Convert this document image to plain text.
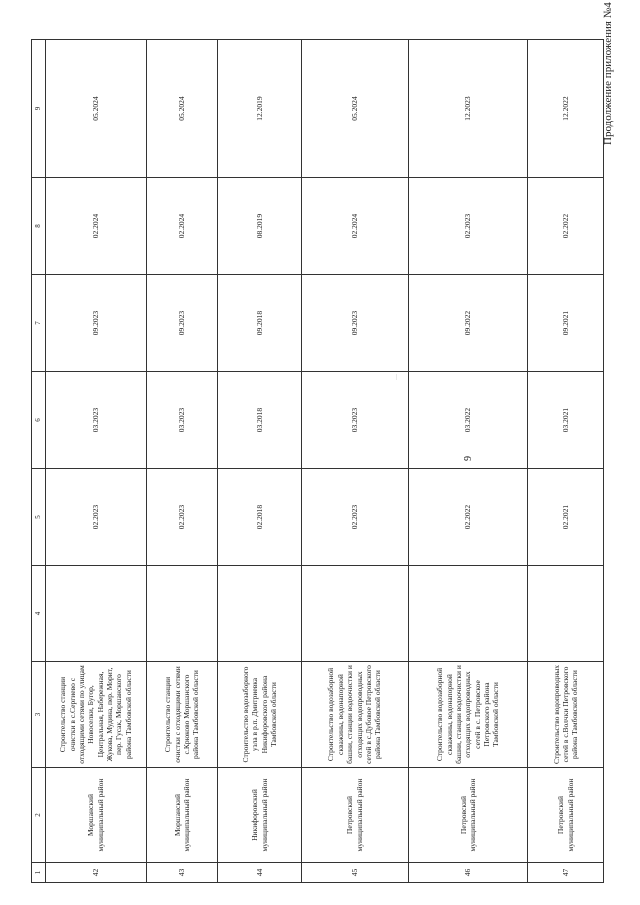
Продолжение приложения №4
9
…
1	2	3	4	5	6	7	8	9
42	Моршанский муниципальный район	Строительство станции очистки в с.Сергиево с отходящими сетями по улицам Новоселки, Бугор, Центральная, Набережная, Жукова, Мудина, пер. Морит, пер. Гусак, Моршанского района Тамбовской области		02.2023	03.2023	09.2023	02.2024	05.2024
43	Моршанский муниципальный район	Строительство станции очистки с отходящими сетями с.Крюково Моршанского района Тамбовской области		02.2023	03.2023	09.2023	02.2024	05.2024
44	Никифоровский муниципальный район	Строительство водозаборного узла в р.п. Дмитриевка Никифоровского района Тамбовской области		02.2018	03.2018	09.2018	08.2019	12.2019
45	Петровский муниципальный район	Строительство водозаборной скважины, водонапорной башни, станции водоочистки и отходящих водопроводных сетей в с.Дубовое Петровского района Тамбовской области		02.2023	03.2023	09.2023	02.2024	05.2024
46	Петровский муниципальный район	Строительство водозаборной скважины, водонапорной башни, станции водоочистки и отходящих водопроводных сетей в с. Петровское Петровского района Тамбовской области		02.2022	03.2022	09.2022	02.2023	12.2023
47	Петровский муниципальный район	Строительство водопроводных сетей в с.Волчки Петровского района Тамбовской области		02.2021	03.2021	09.2021	02.2022	12.2022
